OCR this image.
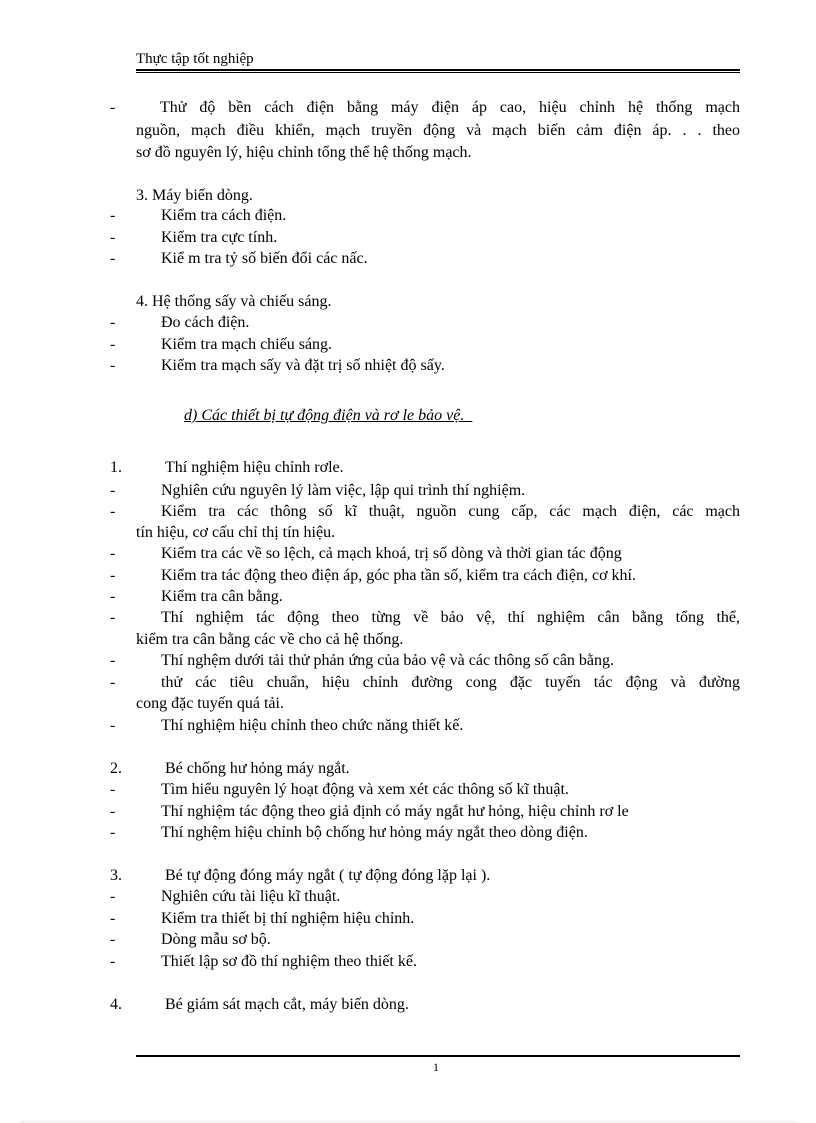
Thực tập tốt nghiệp
-	Thử độ bền cách điện bằng máy điện áp cao, hiệu chỉnh hệ thống mạch
nguồn, mạch điều khiển, mạch truyền động và mạch biến cảm điện áp. . . theo
sơ đồ nguyên lý, hiệu chỉnh tổng thể hệ thống mạch.
3. Máy biến dòng.
-	Kiểm tra cách điện.
-	Kiểm tra cực tính.
-	Kiể m tra tỷ số biến đổi các nấc.
4. Hệ thống sấy và chiếu sáng.
-	Đo cách điện.
-	Kiểm tra mạch chiếu sáng.
-	Kiểm tra mạch sấy và đặt trị số nhiệt độ sấy.
d) Các thiết bị tự động điện và rơ le bảo vệ.
1.	Thí nghiệm hiệu chỉnh rơle.
-	Nghiên cứu nguyên lý làm việc, lập qui trình thí nghiệm.
-	Kiểm tra các thông số kĩ thuật, nguồn cung cấp, các mạch điện, các mạch
tín hiệu, cơ cấu chỉ thị tín hiệu.
-	Kiểm tra các về so lệch, cả mạch khoá, trị số dòng và thời gian tác động
-	Kiểm tra tác động theo điện áp, góc pha tần số, kiểm tra cách điện, cơ khí.
-	Kiểm tra cân bằng.
-	Thí nghiệm tác động theo từng về bảo vệ, thí nghiệm cân bằng tổng thể,
kiểm tra cân bằng các về cho cả hệ thống.
-	Thí nghệm dưới tải thử phản ứng của bảo vệ và các thông số cân bằng.
-	thử các tiêu chuẩn, hiệu chỉnh đường cong đặc tuyến tác động và đường
cong đặc tuyến quá tải.
-	Thí nghiệm hiệu chỉnh theo chức năng thiết kế.
2.	Bé chống hư hỏng máy ngắt.
-	Tìm hiểu nguyên lý hoạt động và xem xét các thông số kĩ thuật.
-	Thí nghiệm tác động theo giả định có máy ngắt hư hỏng, hiệu chỉnh rơ le
-	Thí nghệm hiệu chỉnh bộ chống hư hỏng máy ngắt theo dòng điện.
3.	Bé tự động đóng máy ngắt ( tự động đóng lặp lại ).
-	Nghiên cứu tài liệu kĩ thuật.
-	Kiểm tra thiết bị thí nghiệm hiệu chỉnh.
-	Dòng mẫu sơ bộ.
-	Thiết lập sơ đồ thí nghiệm theo thiết kế.
4.	Bé giám sát mạch cắt, máy biến dòng.
1
